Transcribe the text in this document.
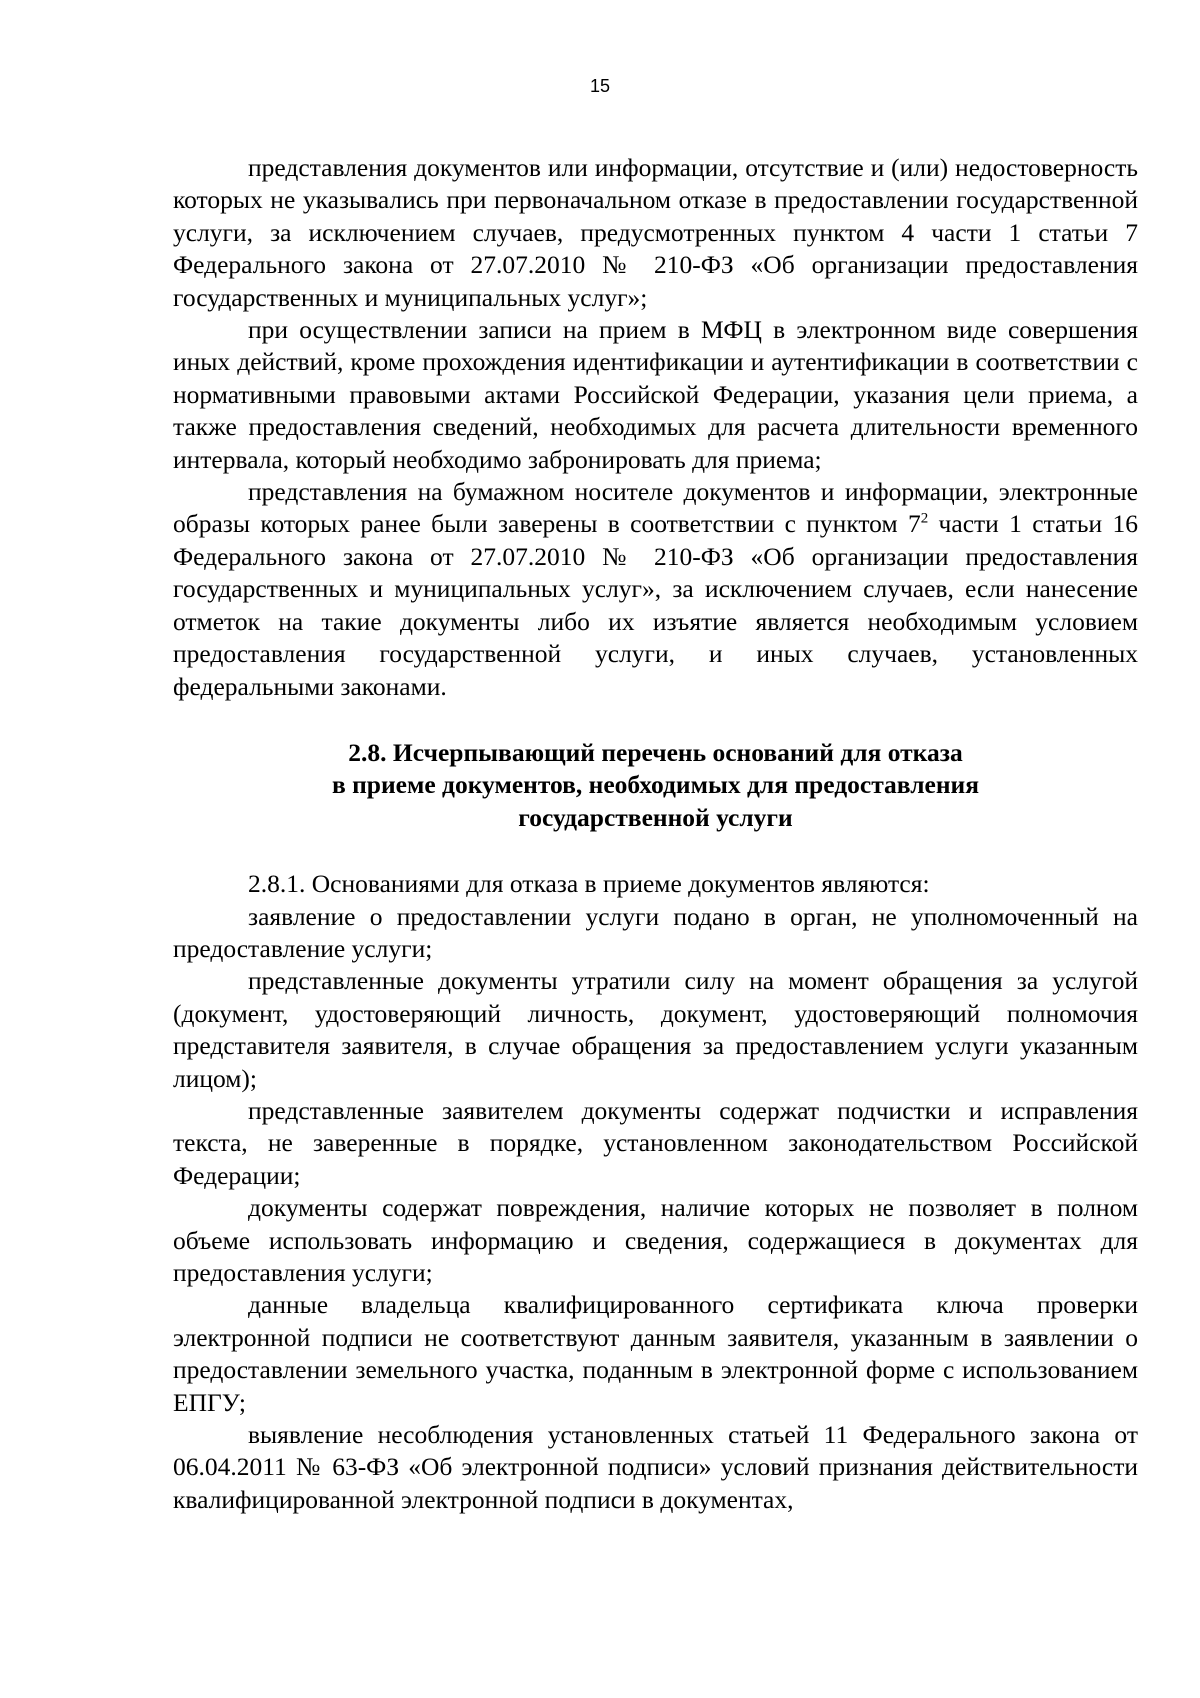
15

представления документов или информации, отсутствие и (или) недостоверность которых не указывались при первоначальном отказе в предоставлении государственной услуги, за исключением случаев, предусмотренных пунктом 4 части 1 статьи 7 Федерального закона от 27.07.2010 № 210-ФЗ «Об организации предоставления государственных и муниципальных услуг»;

при осуществлении записи на прием в МФЦ в электронном виде совершения иных действий, кроме прохождения идентификации и аутентификации в соответствии с нормативными правовыми актами Российской Федерации, указания цели приема, а также предоставления сведений, необходимых для расчета длительности временного интервала, который необходимо забронировать для приема;

представления на бумажном носителе документов и информации, электронные образы которых ранее были заверены в соответствии с пунктом $7^2$ части 1 статьи 16 Федерального закона от 27.07.2010 № 210-ФЗ «Об организации предоставления государственных и муниципальных услуг», за исключением случаев, если нанесение отметок на такие документы либо их изъятие является необходимым условием предоставления государственной услуги, и иных случаев, установленных федеральными законами.

2.8. Исчерпывающий перечень оснований для отказа
в приеме документов, необходимых для предоставления
государственной услуги

2.8.1. Основаниями для отказа в приеме документов являются:

заявление о предоставлении услуги подано в орган, не уполномоченный на предоставление услуги;

представленные документы утратили силу на момент обращения за услугой (документ, удостоверяющий личность, документ, удостоверяющий полномочия представителя заявителя, в случае обращения за предоставлением услуги указанным лицом);

представленные заявителем документы содержат подчистки и исправления текста, не заверенные в порядке, установленном законодательством Российской Федерации;

документы содержат повреждения, наличие которых не позволяет в полном объеме использовать информацию и сведения, содержащиеся в документах для предоставления услуги;

данные владельца квалифицированного сертификата ключа проверки электронной подписи не соответствуют данным заявителя, указанным в заявлении о предоставлении земельного участка, поданным в электронной форме с использованием ЕПГУ;

выявление несоблюдения установленных статьей 11 Федерального закона от 06.04.2011 № 63-ФЗ «Об электронной подписи» условий признания действительности квалифицированной электронной подписи в документах,
